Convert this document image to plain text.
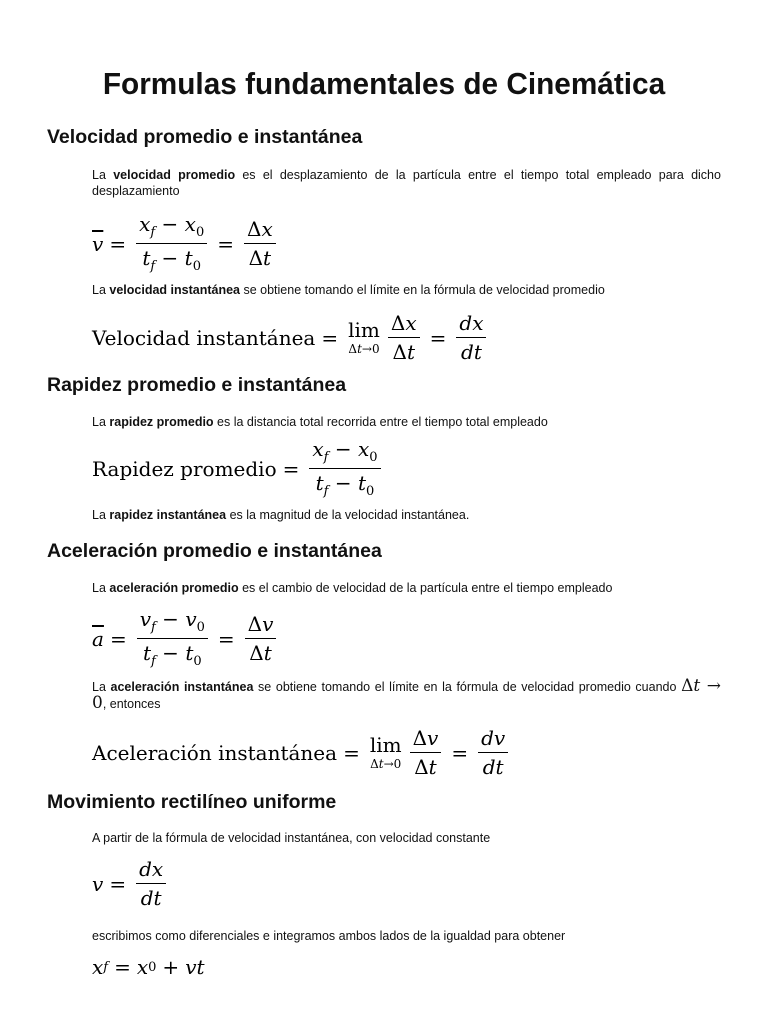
Formulas fundamentales de Cinemática
Velocidad promedio e instantánea

La velocidad promedio es el desplazamiento de la partícula entre el tiempo total empleado para dicho desplazamiento

$\overline{v} = \frac{x_f - x_0}{t_f - t_0} = \frac{\Delta x}{\Delta t}$

La velocidad instantánea se obtiene tomando el límite en la fórmula de velocidad promedio

Velocidad instantánea = lim
$\Delta t\to 0 \frac{\Delta x}{\Delta t} = \frac{dx}{dt}$
Rapidez promedio e instantánea

La rapidez promedio es la distancia total recorrida entre el tiempo total empleado

Rapidez promedio = $\frac{x_f - x_0}{t_f - t_0}$

La rapidez instantánea es la magnitud de la velocidad instantánea.

Aceleración promedio e instantánea

La aceleración promedio es el cambio de velocidad de la partícula entre el tiempo empleado

$\overline{a} = \frac{v_f - v_0}{t_f - t_0} = \frac{\Delta v}{\Delta t}$

La aceleración instantánea se obtiene tomando el límite en la fórmula de velocidad promedio cuando Δt → 0, entonces

Aceleración instantánea = lim
$\Delta t\to 0 \frac{\Delta v}{\Delta t} = \frac{dv}{dt}$
Movimiento rectilíneo uniforme

A partir de la fórmula de velocidad instantánea, con velocidad constante

$v = \frac{dx}{dt}$

escribimos como diferenciales e integramos ambos lados de la igualdad para obtener

x f = x 0 + vt
